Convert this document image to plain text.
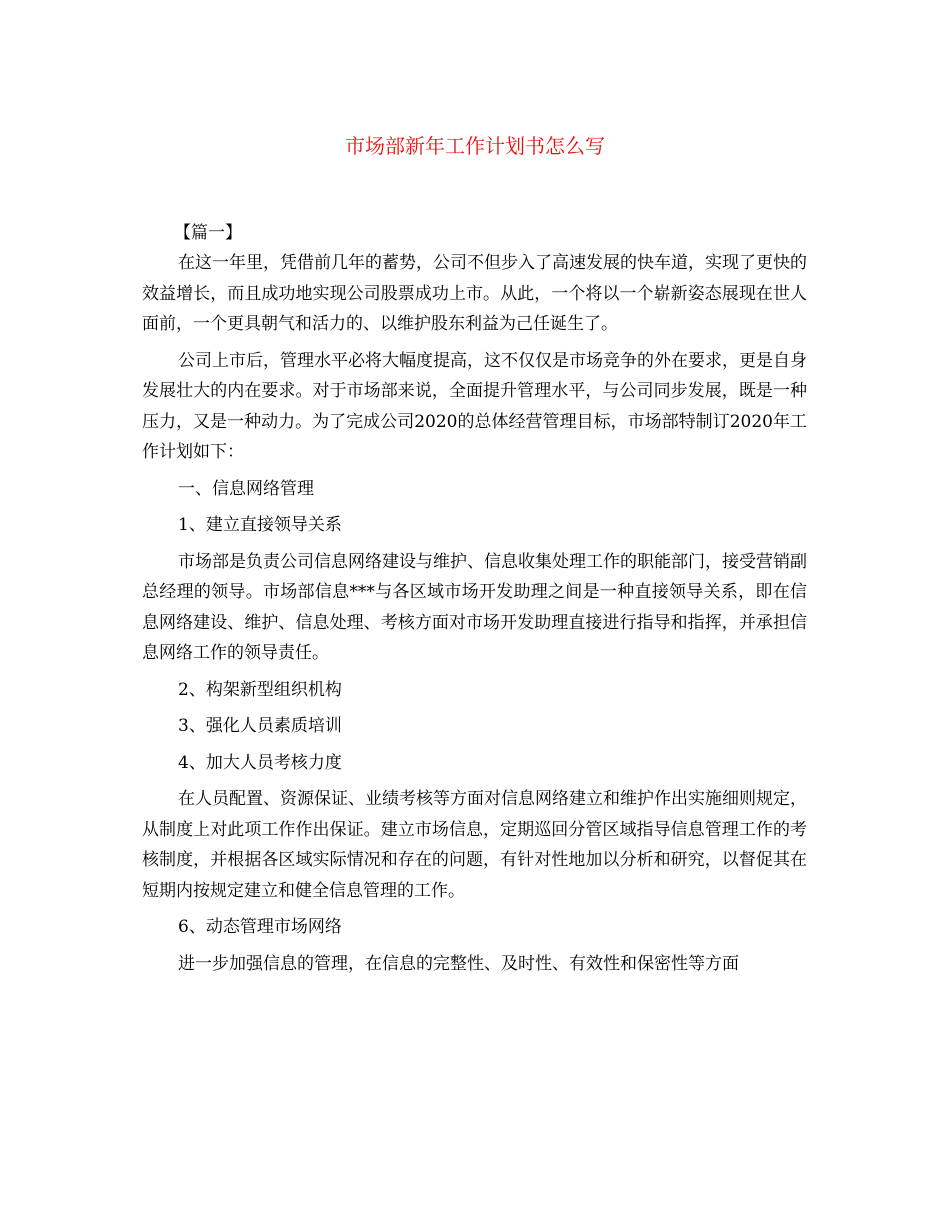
市场部新年工作计划书怎么写

【篇一】

在这一年里，凭借前几年的蓄势，公司不但步入了高速发展的快车道，实现了更快的效益增长，而且成功地实现公司股票成功上市。从此，一个将以一个崭新姿态展现在世人面前，一个更具朝气和活力的、以维护股东利益为己任诞生了。

公司上市后，管理水平必将大幅度提高，这不仅仅是市场竞争的外在要求，更是自身发展壮大的内在要求。对于市场部来说，全面提升管理水平，与公司同步发展，既是一种压力，又是一种动力。为了完成公司2020的总体经营管理目标，市场部特制订2020年工作计划如下：

一、信息网络管理

1、建立直接领导关系

市场部是负责公司信息网络建设与维护、信息收集处理工作的职能部门，接受营销副总经理的领导。市场部信息***与各区域市场开发助理之间是一种直接领导关系，即在信息网络建设、维护、信息处理、考核方面对市场开发助理直接进行指导和指挥，并承担信息网络工作的领导责任。

2、构架新型组织机构

3、强化人员素质培训

4、加大人员考核力度

在人员配置、资源保证、业绩考核等方面对信息网络建立和维护作出实施细则规定，从制度上对此项工作作出保证。建立市场信息，定期巡回分管区域指导信息管理工作的考核制度，并根据各区域实际情况和存在的问题，有针对性地加以分析和研究，以督促其在短期内按规定建立和健全信息管理的工作。

6、动态管理市场网络

进一步加强信息的管理，在信息的完整性、及时性、有效性和保密性等方面
